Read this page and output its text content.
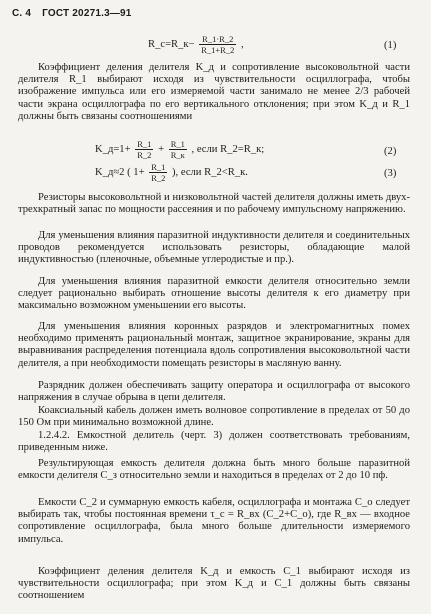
С. 4 ГОСТ 20271.3—91
R_c=R_к− $\frac{R\_1\cdot R\_2}{R\_1+R\_2}$ ,	(1)

Коэффициент деления делителя K_д и сопротивление высоковольтной части делителя R_1 выбирают исходя из чувствительности осциллографа, чтобы изображение импульса или его измеряемой части занимало не менее 2/3 рабочей части экрана осциллографа по его вертикального отклонения; при этом K_д и R_1 должны быть связаны соотношениями

K_д=1+ $\frac{R\_1}{R\_2} + \frac{R\_1}{R\_к}$ , если R_2=R_к;	(2)
K_д≈2 ( $1+ \frac{R\_1}{R\_2}$ ), если R_2<R_к.	(3)

Резисторы высоковольтной и низковольтной частей делителя должны иметь двух- трехкратный запас по мощности рассеяния и по рабочему импульсному напряжению.

Для уменьшения влияния паразитной индуктивности делителя и соединительных проводов рекомендуется использовать резисторы, обладающие малой индуктивностью (пленочные, объемные углеродистые и пр.).

Для уменьшения влияния паразитной емкости делителя относительно земли следует рационально выбирать отношение высоты делителя к его диаметру при максимально возможном уменьшении его высоты.

Для уменьшения влияния коронных разрядов и электромагнитных помех необходимо применять рациональный монтаж, защитное экранирование, экраны для выравнивания распределения потенциала вдоль сопротивления высоковольтной части делителя, а при необходимости помещать резисторы в масляную ванну.

Разрядник должен обеспечивать защиту оператора и осциллографа от высокого напряжения в случае обрыва в цепи делителя.

Коаксиальный кабель должен иметь волновое сопротивление в пределах от 50 до 150 Ом при минимально возможной длине.

1.2.4.2. Емкостной делитель (черт. 3) должен соответствовать требованиям, приведенным ниже.

Результирующая емкость делителя должна быть много больше паразитной емкости делителя C_з относительно земли и находиться в пределах от 2 до 10 пф.

Емкости C_2 и суммарную емкость кабеля, осциллографа и монтажа C_о следует выбирать так, чтобы постоянная времени τ_с = R_вх (C_2+C_о), где R_вх — входное сопротивление осциллографа, была много больше длительности измеряемого импульса.

Коэффициент деления делителя K_д и емкость C_1 выбирают исходя из чувствительности осциллографа; при этом K_д и C_1 должны быть связаны соотношением
